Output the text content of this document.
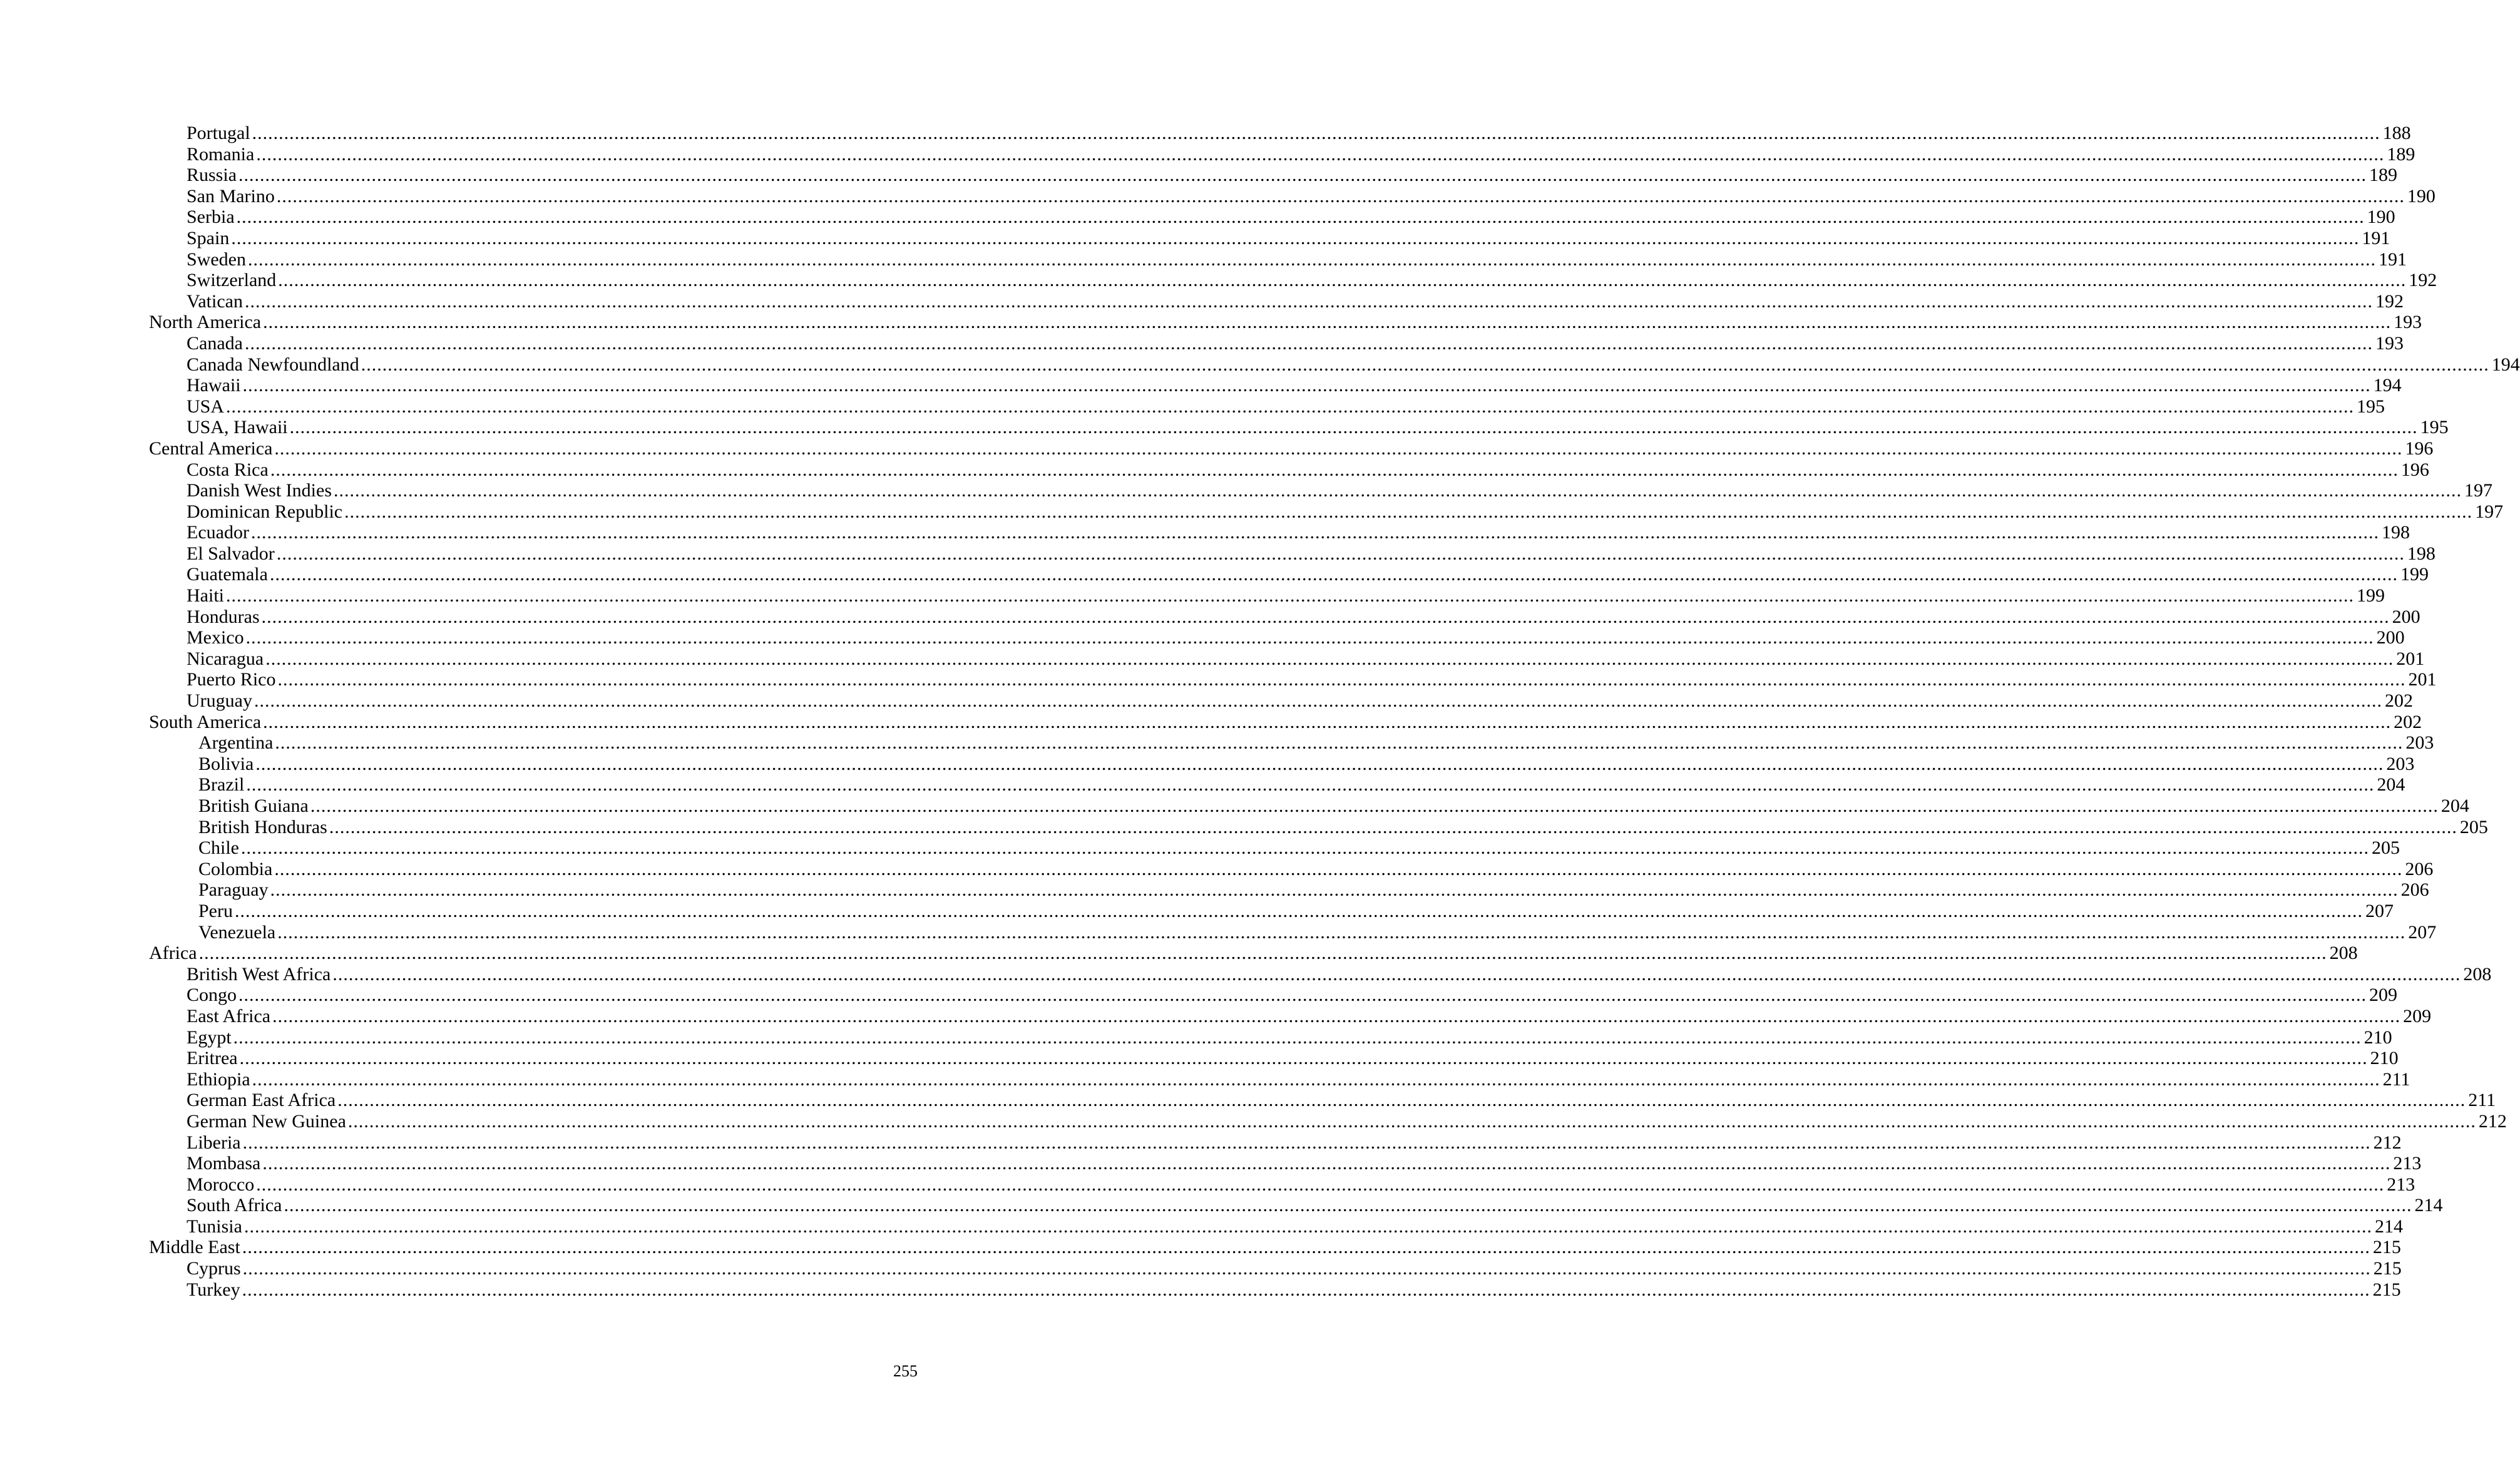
Portugal ................................................................................................................................................................................................................................................................................................................................................................................................................ 188
Romania ................................................................................................................................................................................................................................................................................................................................................................................................................ 189
Russia ................................................................................................................................................................................................................................................................................................................................................................................................................ 189
San Marino ................................................................................................................................................................................................................................................................................................................................................................................................................ 190
Serbia ................................................................................................................................................................................................................................................................................................................................................................................................................ 190
Spain ................................................................................................................................................................................................................................................................................................................................................................................................................ 191
Sweden ................................................................................................................................................................................................................................................................................................................................................................................................................ 191
Switzerland ................................................................................................................................................................................................................................................................................................................................................................................................................ 192
Vatican ................................................................................................................................................................................................................................................................................................................................................................................................................ 192
North America ................................................................................................................................................................................................................................................................................................................................................................................................................ 193
Canada ................................................................................................................................................................................................................................................................................................................................................................................................................ 193
Canada Newfoundland ................................................................................................................................................................................................................................................................................................................................................................................................................ 194
Hawaii ................................................................................................................................................................................................................................................................................................................................................................................................................ 194
USA ................................................................................................................................................................................................................................................................................................................................................................................................................ 195
USA, Hawaii ................................................................................................................................................................................................................................................................................................................................................................................................................ 195
Central America ................................................................................................................................................................................................................................................................................................................................................................................................................ 196
Costa Rica ................................................................................................................................................................................................................................................................................................................................................................................................................ 196
Danish West Indies ................................................................................................................................................................................................................................................................................................................................................................................................................ 197
Dominican Republic ................................................................................................................................................................................................................................................................................................................................................................................................................ 197
Ecuador ................................................................................................................................................................................................................................................................................................................................................................................................................ 198
El Salvador ................................................................................................................................................................................................................................................................................................................................................................................................................ 198
Guatemala ................................................................................................................................................................................................................................................................................................................................................................................................................ 199
Haiti ................................................................................................................................................................................................................................................................................................................................................................................................................ 199
Honduras ................................................................................................................................................................................................................................................................................................................................................................................................................ 200
Mexico ................................................................................................................................................................................................................................................................................................................................................................................................................ 200
Nicaragua ................................................................................................................................................................................................................................................................................................................................................................................................................ 201
Puerto Rico ................................................................................................................................................................................................................................................................................................................................................................................................................ 201
Uruguay ................................................................................................................................................................................................................................................................................................................................................................................................................ 202
South America ................................................................................................................................................................................................................................................................................................................................................................................................................ 202
Argentina ................................................................................................................................................................................................................................................................................................................................................................................................................ 203
Bolivia ................................................................................................................................................................................................................................................................................................................................................................................................................ 203
Brazil ................................................................................................................................................................................................................................................................................................................................................................................................................ 204
British Guiana ................................................................................................................................................................................................................................................................................................................................................................................................................ 204
British Honduras ................................................................................................................................................................................................................................................................................................................................................................................................................ 205
Chile ................................................................................................................................................................................................................................................................................................................................................................................................................ 205
Colombia ................................................................................................................................................................................................................................................................................................................................................................................................................ 206
Paraguay ................................................................................................................................................................................................................................................................................................................................................................................................................ 206
Peru ................................................................................................................................................................................................................................................................................................................................................................................................................ 207
Venezuela ................................................................................................................................................................................................................................................................................................................................................................................................................ 207
Africa ................................................................................................................................................................................................................................................................................................................................................................................................................ 208
British West Africa ................................................................................................................................................................................................................................................................................................................................................................................................................ 208
Congo ................................................................................................................................................................................................................................................................................................................................................................................................................ 209
East Africa ................................................................................................................................................................................................................................................................................................................................................................................................................ 209
Egypt ................................................................................................................................................................................................................................................................................................................................................................................................................ 210
Eritrea ................................................................................................................................................................................................................................................................................................................................................................................................................ 210
Ethiopia ................................................................................................................................................................................................................................................................................................................................................................................................................ 211
German East Africa ................................................................................................................................................................................................................................................................................................................................................................................................................ 211
German New Guinea ................................................................................................................................................................................................................................................................................................................................................................................................................ 212
Liberia ................................................................................................................................................................................................................................................................................................................................................................................................................ 212
Mombasa ................................................................................................................................................................................................................................................................................................................................................................................................................ 213
Morocco ................................................................................................................................................................................................................................................................................................................................................................................................................ 213
South Africa ................................................................................................................................................................................................................................................................................................................................................................................................................ 214
Tunisia ................................................................................................................................................................................................................................................................................................................................................................................................................ 214
Middle East ................................................................................................................................................................................................................................................................................................................................................................................................................ 215
Cyprus ................................................................................................................................................................................................................................................................................................................................................................................................................ 215
Turkey ................................................................................................................................................................................................................................................................................................................................................................................................................ 215
255
